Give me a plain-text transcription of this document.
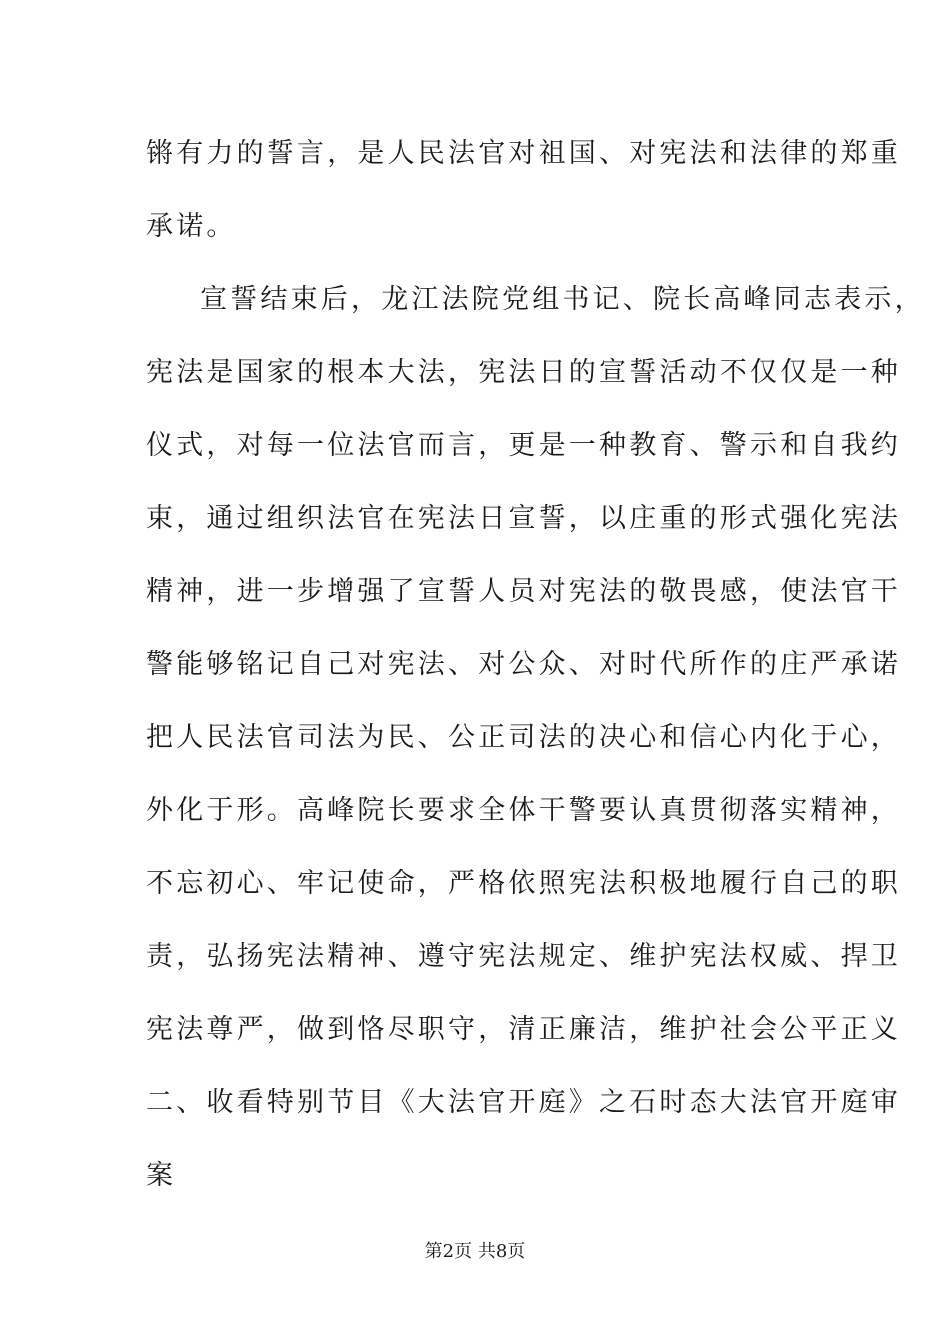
锵有力的誓言，是人民法官对祖国、对宪法和法律的郑重
承诺。
宣誓结束后，龙江法院党组书记、院长高峰同志表示，
宪法是国家的根本大法，宪法日的宣誓活动不仅仅是一种
仪式，对每一位法官而言，更是一种教育、警示和自我约
束，通过组织法官在宪法日宣誓，以庄重的形式强化宪法
精神，进一步增强了宣誓人员对宪法的敬畏感，使法官干
警能够铭记自己对宪法、对公众、对时代所作的庄严承诺
把人民法官司法为民、公正司法的决心和信心内化于心，
外化于形。高峰院长要求全体干警要认真贯彻落实精神，
不忘初心、牢记使命，严格依照宪法积极地履行自己的职
责，弘扬宪法精神、遵守宪法规定、维护宪法权威、捍卫
宪法尊严，做到恪尽职守，清正廉洁，维护社会公平正义
二、收看特别节目《大法官开庭》之石时态大法官开庭审
案
第2页 共8页
